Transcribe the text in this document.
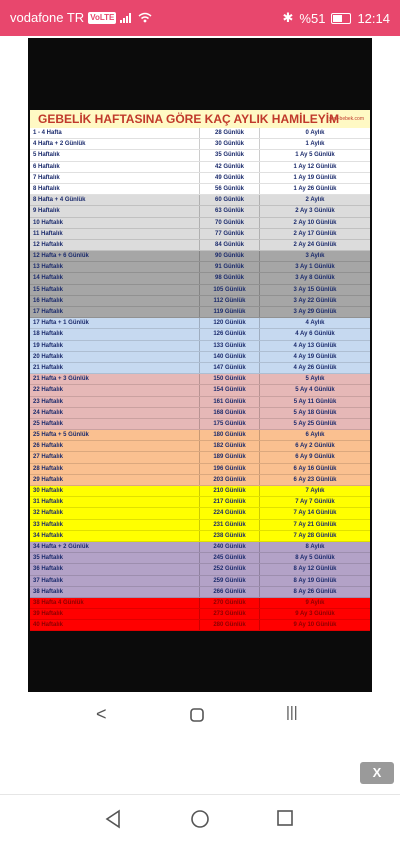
vodafone TR VoLTE	✱ %51 12:14
GEBELİK HAFTASINA GÖRE KAÇ AYLIK HAMİLEYİM
yeni-bebek.com
1 - 4 Hafta	28 Günlük	0 Aylık
4 Hafta + 2 Günlük	30 Günlük	1 Aylık
5 Haftalık	35 Günlük	1 Ay 5 Günlük
6 Haftalık	42 Günlük	1 Ay 12 Günlük
7 Haftalık	49 Günlük	1 Ay 19 Günlük
8 Haftalık	56 Günlük	1 Ay 26 Günlük
8 Hafta + 4 Günlük	60 Günlük	2 Aylık
9 Haftalık	63 Günlük	2 Ay 3 Günlük
10 Haftalık	70 Günlük	2 Ay 10 Günlük
11 Haftalık	77 Günlük	2 Ay 17 Günlük
12 Haftalık	84 Günlük	2 Ay 24 Günlük
12 Hafta + 6 Günlük	90 Günlük	3 Aylık
13 Haftalık	91 Günlük	3 Ay 1 Günlük
14 Haftalık	98 Günlük	3 Ay 8 Günlük
15 Haftalık	105 Günlük	3 Ay 15 Günlük
16 Haftalık	112 Günlük	3 Ay 22 Günlük
17 Haftalık	119 Günlük	3 Ay 29 Günlük
17 Hafta + 1 Günlük	120 Günlük	4 Aylık
18 Haftalık	126 Günlük	4 Ay 6 Günlük
19 Haftalık	133 Günlük	4 Ay 13 Günlük
20 Haftalık	140 Günlük	4 Ay 19 Günlük
21 Haftalık	147 Günlük	4 Ay 26 Günlük
21 Hafta + 3 Günlük	150 Günlük	5 Aylık
22 Haftalık	154 Günlük	5 Ay 4 Günlük
23 Haftalık	161 Günlük	5 Ay 11 Günlük
24 Haftalık	168 Günlük	5 Ay 18 Günlük
25 Haftalık	175 Günlük	5 Ay 25 Günlük
25 Hafta + 5 Günlük	180 Günlük	6 Aylık
26 Haftalık	182 Günlük	6 Ay 2 Günlük
27 Haftalık	189 Günlük	6 Ay 9 Günlük
28 Haftalık	196 Günlük	6 Ay 16 Günlük
29 Haftalık	203 Günlük	6 Ay 23 Günlük
30 Haftalık	210 Günlük	7 Aylık
31 Haftalık	217 Günlük	7 Ay 7 Günlük
32 Haftalık	224 Günlük	7 Ay 14 Günlük
33 Haftalık	231 Günlük	7 Ay 21 Günlük
34 Haftalık	238 Günlük	7 Ay 28 Günlük
34 Hafta + 2 Günlük	240 Günlük	8 Aylık
35 Haftalık	245 Günlük	8 Ay 5 Günlük
36 Haftalık	252 Günlük	8 Ay 12 Günlük
37 Haftalık	259 Günlük	8 Ay 19 Günlük
38 Haftalık	266 Günlük	8 Ay 26 Günlük
38 Hafta 4 Günlük	270 Günlük	9 Aylık
39 Haftalık	273 Günlük	9 Ay 3 Günlük
40 Haftalık	280 Günlük	9 Ay 10 Günlük
<	|||
X
